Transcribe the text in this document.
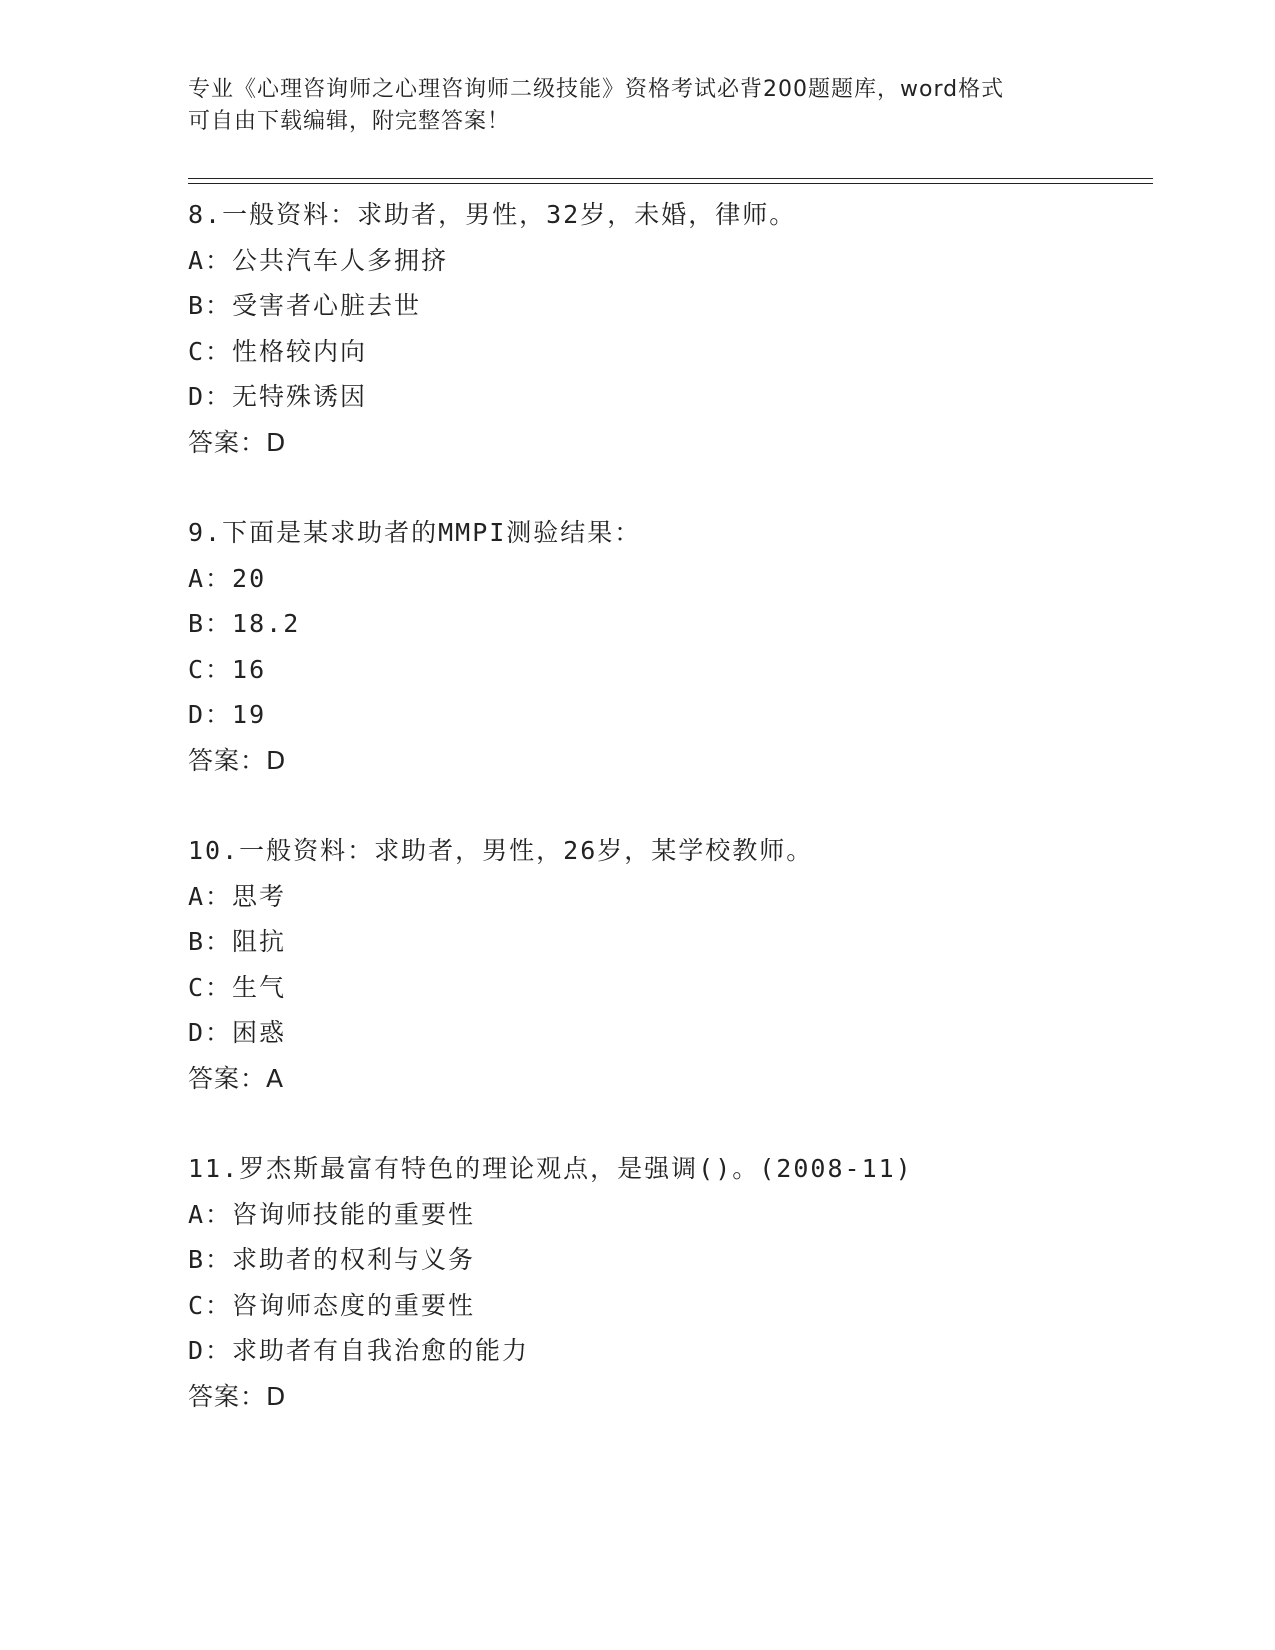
专业《心理咨询师之心理咨询师二级技能》资格考试必背200题题库，word格式
可自由下载编辑，附完整答案！
8.一般资料：求助者，男性，32岁，未婚，律师。
A：公共汽车人多拥挤
B：受害者心脏去世
C：性格较内向
D：无特殊诱因
答案：D
9.下面是某求助者的MMPI测验结果：
A：20
B：18.2
C：16
D：19
答案：D
10.一般资料：求助者，男性，26岁，某学校教师。
A：思考
B：阻抗
C：生气
D：困惑
答案：A
11.罗杰斯最富有特色的理论观点，是强调()。(2008-11)
A：咨询师技能的重要性
B：求助者的权利与义务
C：咨询师态度的重要性
D：求助者有自我治愈的能力
答案：D
